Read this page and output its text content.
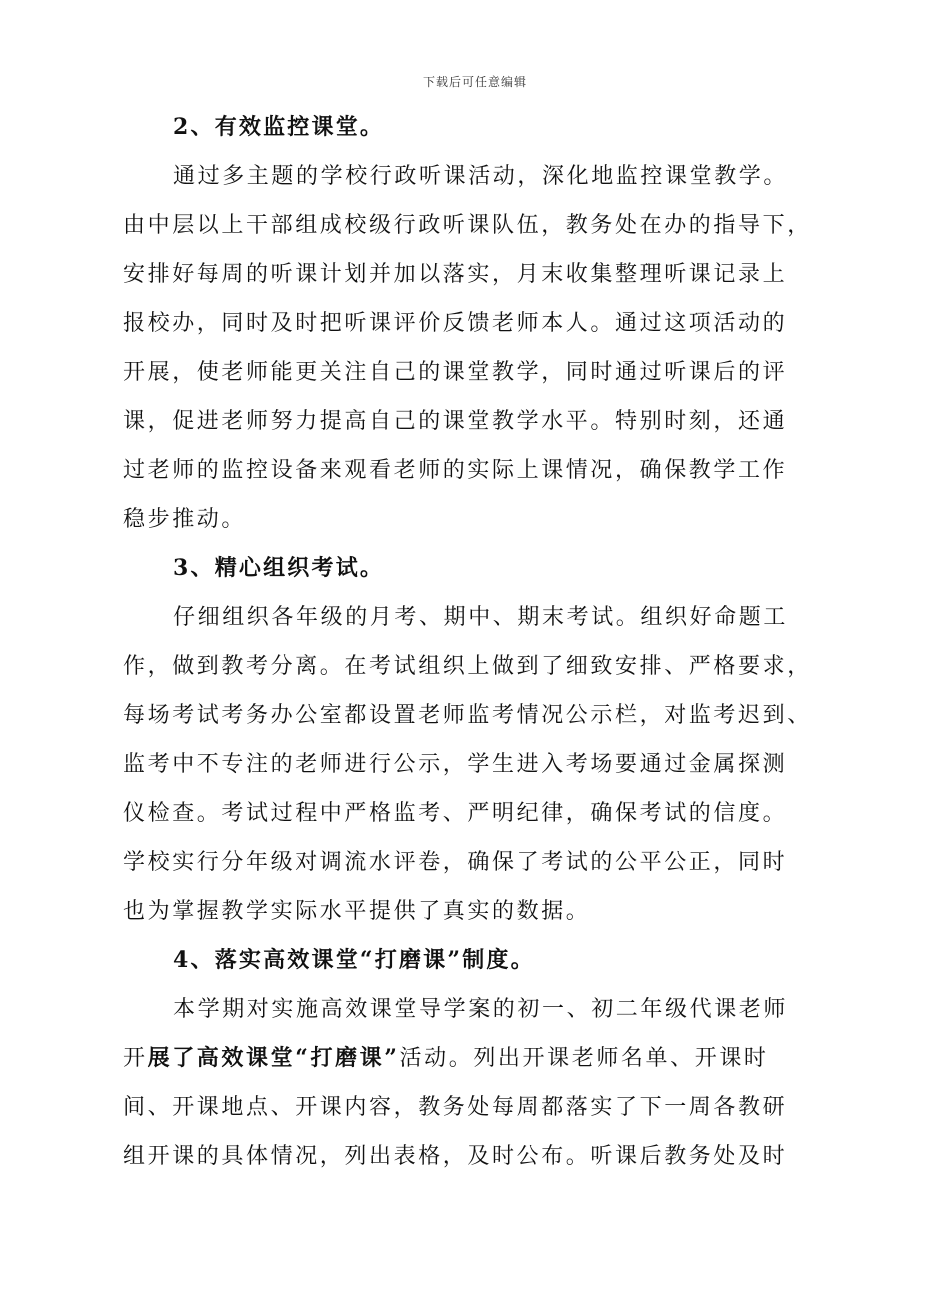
下载后可任意编辑
2、有效监控课堂。
通过多主题的学校行政听课活动，深化地监控课堂教学。
由中层以上干部组成校级行政听课队伍，教务处在办的指导下，
安排好每周的听课计划并加以落实，月末收集整理听课记录上
报校办，同时及时把听课评价反馈老师本人。通过这项活动的
开展，使老师能更关注自己的课堂教学，同时通过听课后的评
课，促进老师努力提高自己的课堂教学水平。特别时刻，还通
过老师的监控设备来观看老师的实际上课情况，确保教学工作
稳步推动。
3、精心组织考试。
仔细组织各年级的月考、期中、期末考试。组织好命题工
作，做到教考分离。在考试组织上做到了细致安排、严格要求，
每场考试考务办公室都设置老师监考情况公示栏，对监考迟到、
监考中不专注的老师进行公示，学生进入考场要通过金属探测
仪检查。考试过程中严格监考、严明纪律，确保考试的信度。
学校实行分年级对调流水评卷，确保了考试的公平公正，同时
也为掌握教学实际水平提供了真实的数据。
4、落实高效课堂“打磨课”制度。
本学期对实施高效课堂导学案的初一、初二年级代课老师
开展了高效课堂“打磨课”活动。列出开课老师名单、开课时
间、开课地点、开课内容，教务处每周都落实了下一周各教研
组开课的具体情况，列出表格，及时公布。听课后教务处及时
